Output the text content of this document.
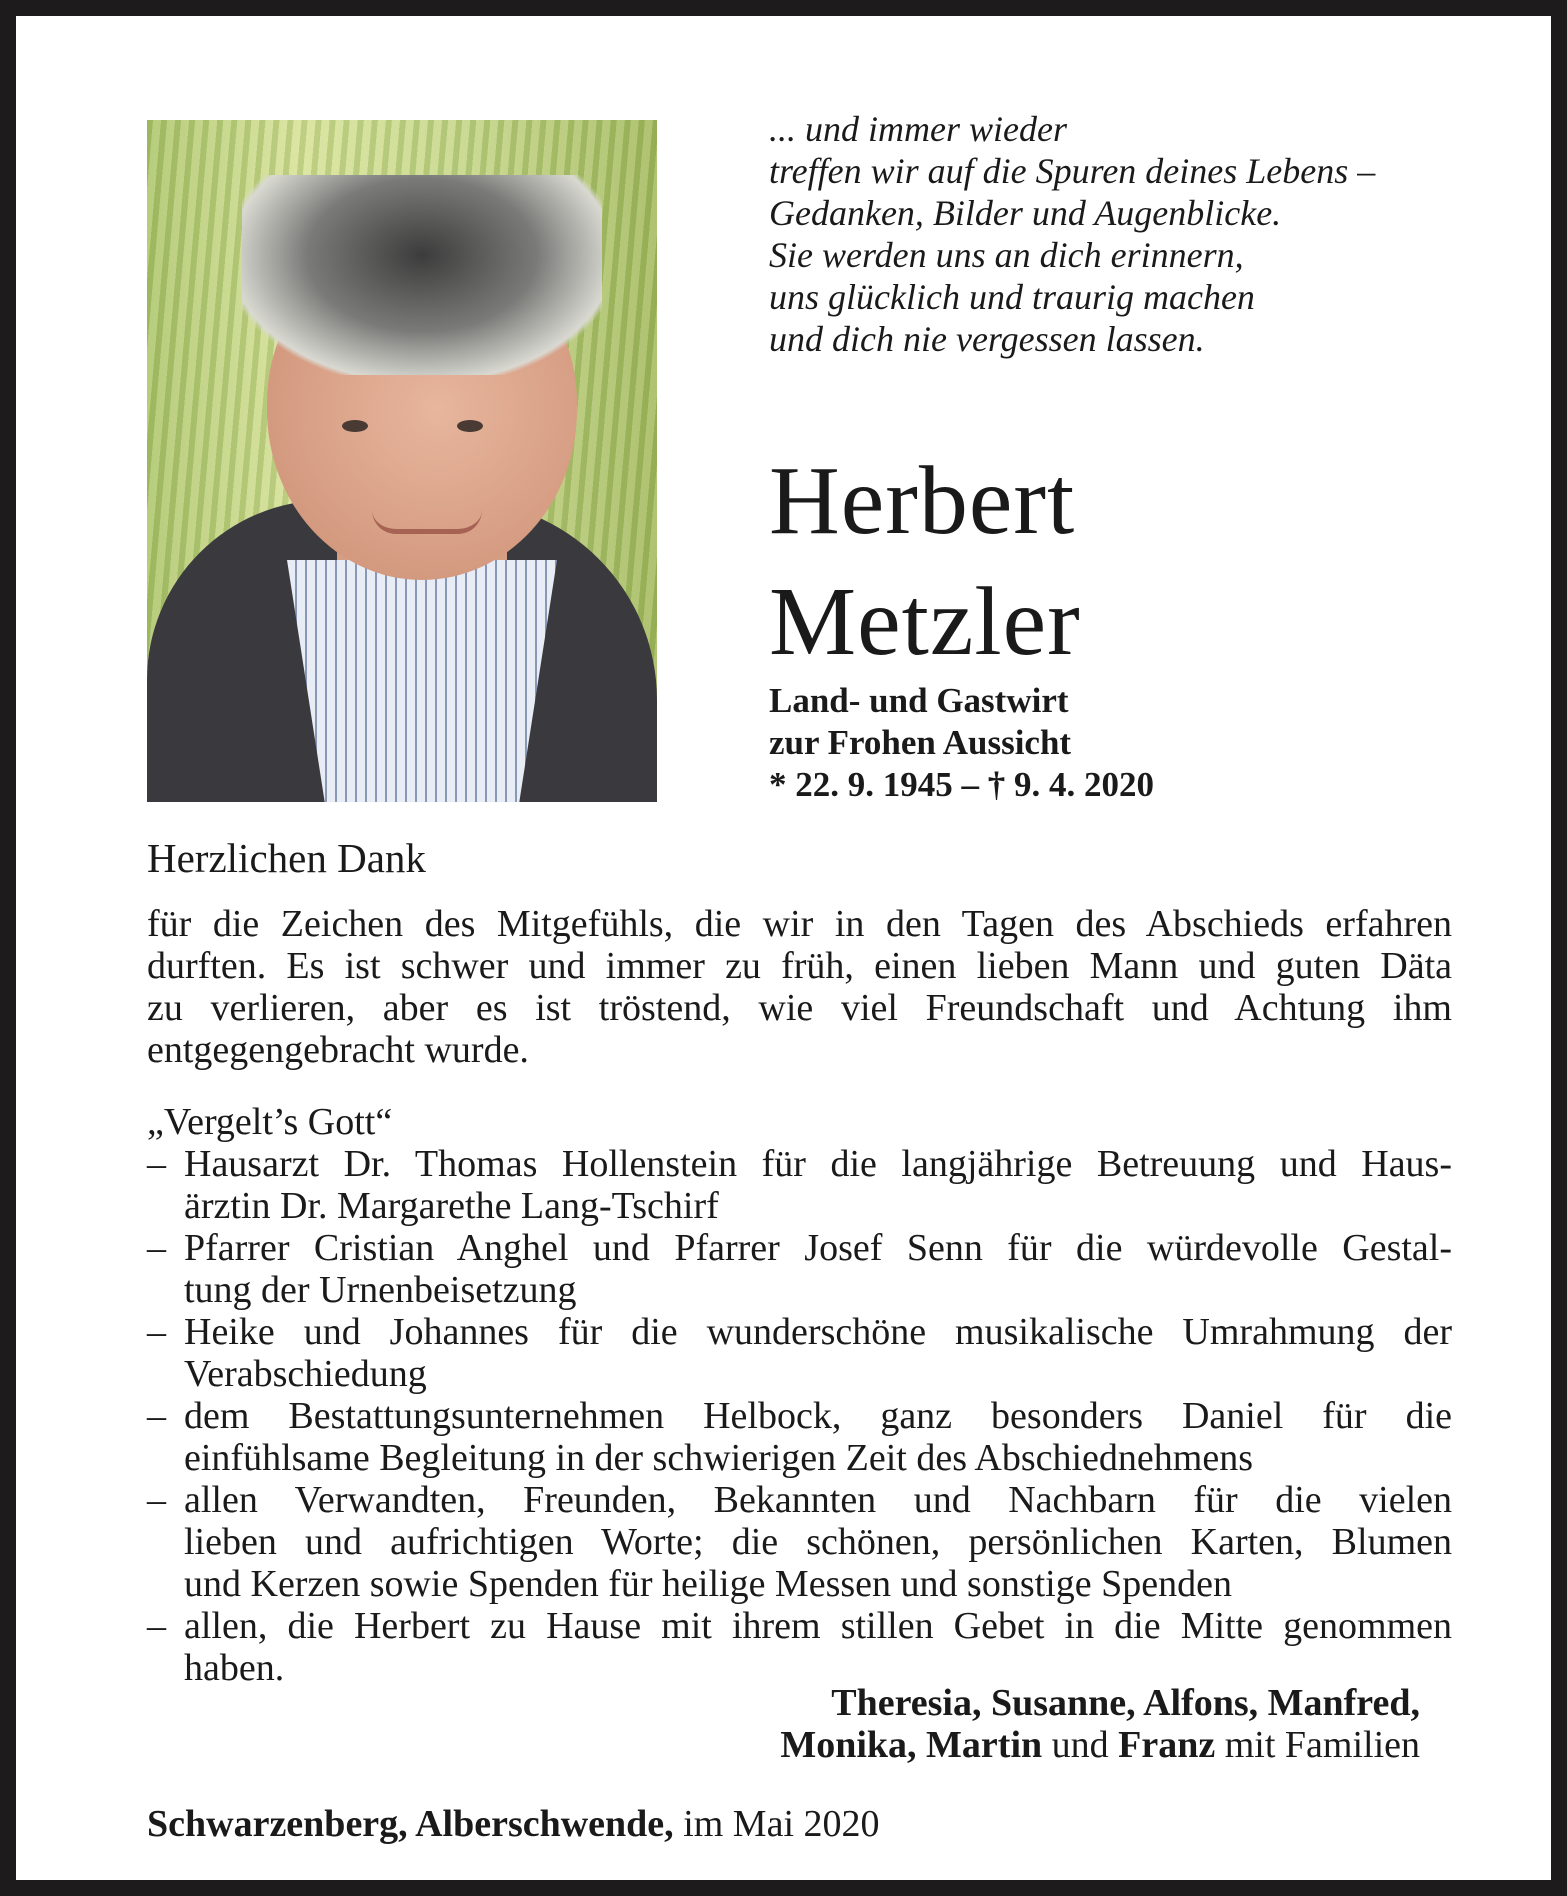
... und immer wieder
treffen wir auf die Spuren deines Lebens –
Gedanken, Bilder und Augenblicke.
Sie werden uns an dich erinnern,
uns glücklich und traurig machen
und dich nie vergessen lassen.
Herbert
Metzler
Land- und Gastwirt
zur Frohen Aussicht
* 22. 9. 1945 – † 9. 4. 2020
Herzlichen Dank
für die Zeichen des Mitgefühls, die wir in den Tagen des Abschieds erfahren
durften. Es ist schwer und immer zu früh, einen lieben Mann und guten Däta
zu verlieren, aber es ist tröstend, wie viel Freundschaft und Achtung ihm
entgegengebracht wurde.
„Vergelt’s Gott“
– Hausarzt Dr. Thomas Hollenstein für die langjährige Betreuung und Haus-
ärztin Dr. Margarethe Lang-Tschirf
– Pfarrer Cristian Anghel und Pfarrer Josef Senn für die würdevolle Gestal-
tung der Urnenbeisetzung
– Heike und Johannes für die wunderschöne musikalische Umrahmung der
Verabschiedung
– dem Bestattungsunternehmen Helbock, ganz besonders Daniel für die
einfühlsame Begleitung in der schwierigen Zeit des Abschiednehmens
– allen Verwandten, Freunden, Bekannten und Nachbarn für die vielen
lieben und aufrichtigen Worte; die schönen, persönlichen Karten, Blumen
und Kerzen sowie Spenden für heilige Messen und sonstige Spenden
– allen, die Herbert zu Hause mit ihrem stillen Gebet in die Mitte genommen
haben.
Theresia, Susanne, Alfons, Manfred,
Monika, Martin und Franz mit Familien
Schwarzenberg, Alberschwende, im Mai 2020
